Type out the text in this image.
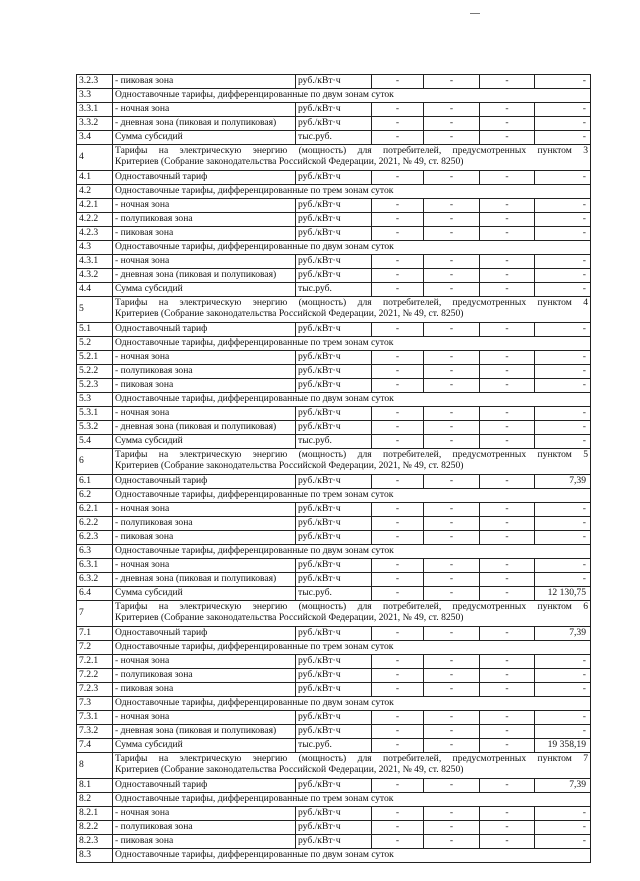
3.2.3	- пиковая зона	руб./кВт·ч	-	-	-	-
3.3	Одноставочные тарифы, дифференцированные по двум зонам суток					
3.3.1	- ночная зона	руб./кВт·ч	-	-	-	-
3.3.2	- дневная зона (пиковая и полупиковая)	руб./кВт·ч	-	-	-	-
3.4	Сумма субсидий	тыс.руб.	-	-	-	-
4	Тарифы на электрическую энергию (мощность) для потребителей, предусмотренных пунктом 3
Критериев (Собрание законодательства Российской Федерации, 2021, № 49, ст. 8250)					

4.1	Одноставочный тариф	руб./кВт·ч	-	-	-	-
4.2	Одноставочные тарифы, дифференцированные по трем зонам суток					
4.2.1	- ночная зона	руб./кВт·ч	-	-	-	-
4.2.2	- полупиковая зона	руб./кВт·ч	-	-	-	-
4.2.3	- пиковая зона	руб./кВт·ч	-	-	-	-
4.3	Одноставочные тарифы, дифференцированные по двум зонам суток					
4.3.1	- ночная зона	руб./кВт·ч	-	-	-	-
4.3.2	- дневная зона (пиковая и полупиковая)	руб./кВт·ч	-	-	-	-
4.4	Сумма субсидий	тыс.руб.	-	-	-	-
5	Тарифы на электрическую энергию (мощность) для потребителей, предусмотренных пунктом 4
Критериев (Собрание законодательства Российской Федерации, 2021, № 49, ст. 8250)					

5.1	Одноставочный тариф	руб./кВт·ч	-	-	-	-
5.2	Одноставочные тарифы, дифференцированные по трем зонам суток					
5.2.1	- ночная зона	руб./кВт·ч	-	-	-	-
5.2.2	- полупиковая зона	руб./кВт·ч	-	-	-	-
5.2.3	- пиковая зона	руб./кВт·ч	-	-	-	-
5.3	Одноставочные тарифы, дифференцированные по двум зонам суток					
5.3.1	- ночная зона	руб./кВт·ч	-	-	-	-
5.3.2	- дневная зона (пиковая и полупиковая)	руб./кВт·ч	-	-	-	-
5.4	Сумма субсидий	тыс.руб.	-	-	-	-
6	Тарифы на электрическую энергию (мощность) для потребителей, предусмотренных пунктом 5
Критериев (Собрание законодательства Российской Федерации, 2021, № 49, ст. 8250)					

6.1	Одноставочный тариф	руб./кВт·ч	-	-	-	7,39
6.2	Одноставочные тарифы, дифференцированные по трем зонам суток					
6.2.1	- ночная зона	руб./кВт·ч	-	-	-	-
6.2.2	- полупиковая зона	руб./кВт·ч	-	-	-	-
6.2.3	- пиковая зона	руб./кВт·ч	-	-	-	-
6.3	Одноставочные тарифы, дифференцированные по двум зонам суток					
6.3.1	- ночная зона	руб./кВт·ч	-	-	-	-
6.3.2	- дневная зона (пиковая и полупиковая)	руб./кВт·ч	-	-	-	-
6.4	Сумма субсидий	тыс.руб.	-	-	-	12 130,75
7	Тарифы на электрическую энергию (мощность) для потребителей, предусмотренных пунктом 6
Критериев (Собрание законодательства Российской Федерации, 2021, № 49, ст. 8250)					

7.1	Одноставочный тариф	руб./кВт·ч	-	-	-	7,39
7.2	Одноставочные тарифы, дифференцированные по трем зонам суток					
7.2.1	- ночная зона	руб./кВт·ч	-	-	-	-
7.2.2	- полупиковая зона	руб./кВт·ч	-	-	-	-
7.2.3	- пиковая зона	руб./кВт·ч	-	-	-	-
7.3	Одноставочные тарифы, дифференцированные по двум зонам суток					
7.3.1	- ночная зона	руб./кВт·ч	-	-	-	-
7.3.2	- дневная зона (пиковая и полупиковая)	руб./кВт·ч	-	-	-	-
7.4	Сумма субсидий	тыс.руб.	-	-	-	19 358,19
8	Тарифы на электрическую энергию (мощность) для потребителей, предусмотренных пунктом 7
Критериев (Собрание законодательства Российской Федерации, 2021, № 49, ст. 8250)					

8.1	Одноставочный тариф	руб./кВт·ч	-	-	-	7,39
8.2	Одноставочные тарифы, дифференцированные по трем зонам суток					
8.2.1	- ночная зона	руб./кВт·ч	-	-	-	-
8.2.2	- полупиковая зона	руб./кВт·ч	-	-	-	-
8.2.3	- пиковая зона	руб./кВт·ч	-	-	-	-
8.3	Одноставочные тарифы, дифференцированные по двум зонам суток					
